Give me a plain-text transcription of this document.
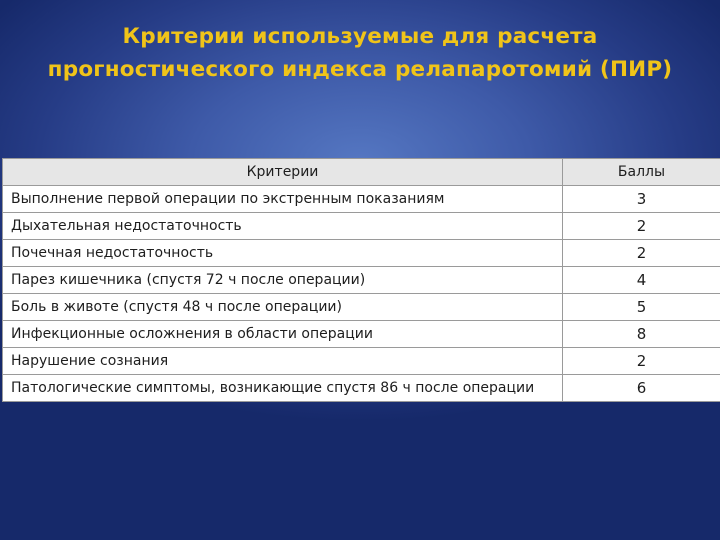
Критерии используемые для расчета
прогностического индекса релапаротомий (ПИР)
Критерии	Баллы
Выполнение первой операции по экстренным показаниям	3
Дыхательная недостаточность	2
Почечная недостаточность	2
Парез кишечника (спустя 72 ч после операции)	4
Боль в животе (спустя 48 ч после операции)	5
Инфекционные осложнения в области операции	8
Нарушение сознания	2
Патологические симптомы, возникающие спустя 86 ч после операции	6
